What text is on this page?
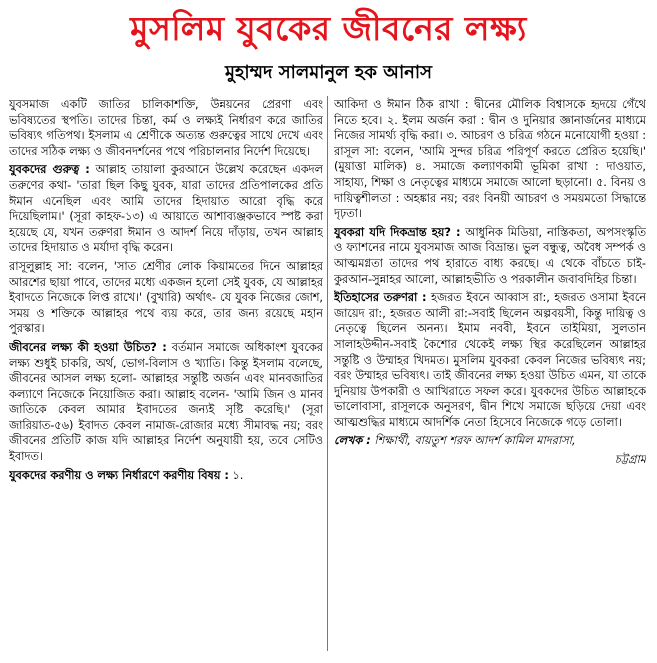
মুসলিম যুবকের জীবনের লক্ষ্য
মুহাম্মদ সালমানুল হক আনাস

যুবসমাজ একটি জাতির চালিকাশক্তি, উন্নয়নের প্রেরণা এবং ভবিষ্যতের স্থপতি। তাদের চিন্তা, কর্ম ও লক্ষ্যই নির্ধারণ করে জাতির ভবিষ্যৎ গতিপথ। ইসলাম এ শ্রেণীকে অত্যন্ত গুরুত্বের সাথে দেখে এবং তাদের সঠিক লক্ষ্য ও জীবনদর্শনের পথে পরিচালনার নির্দেশ দিয়েছে।

যুবকদের গুরুত্ব : আল্লাহ তায়ালা কুরআনে উল্লেখ করেছেন একদল তরুণের কথা- 'তারা ছিল কিছু যুবক, যারা তাদের প্রতিপালকের প্রতি ঈমান এনেছিল এবং আমি তাদের হিদায়াত আরো বৃদ্ধি করে দিয়েছিলাম।' (সূরা কাহফ-১৩) এ আয়াতে আশাব্যঞ্জকভাবে স্পষ্ট করা হয়েছে যে, যখন তরুণরা ঈমান ও আদর্শ নিয়ে দাঁড়ায়, তখন আল্লাহ তাদের হিদায়াত ও মর্যাদা বৃদ্ধি করেন।

রাসূলুল্লাহ সা: বলেন, 'সাত শ্রেণীর লোক কিয়ামতের দিনে আল্লাহর আরশের ছায়া পাবে, তাদের মধ্যে একজন হলো সেই যুবক, যে আল্লাহর ইবাদতে নিজেকে লিপ্ত রাখে।' (বুখারি) অর্থাৎ- যে যুবক নিজের জোশ, সময় ও শক্তিকে আল্লাহর পথে ব্যয় করে, তার জন্য রয়েছে মহান পুরস্কার।

জীবনের লক্ষ্য কী হওয়া উচিত? : বর্তমান সমাজে অধিকাংশ যুবকের লক্ষ্য শুধুই চাকরি, অর্থ, ভোগ-বিলাস ও খ্যাতি। কিন্তু ইসলাম বলেছে, জীবনের আসল লক্ষ্য হলো- আল্লাহর সন্তুষ্টি অর্জন এবং মানবজাতির কল্যাণে নিজেকে নিয়োজিত করা। আল্লাহ বলেন- 'আমি জিন ও মানব জাতিকে কেবল আমার ইবাদতের জন্যই সৃষ্টি করেছি।' (সূরা জারিয়াত-৫৬) ইবাদত কেবল নামাজ-রোজার মধ্যে সীমাবদ্ধ নয়; বরং জীবনের প্রতিটি কাজ যদি আল্লাহর নির্দেশ অনুযায়ী হয়, তবে সেটিও ইবাদত।

যুবকদের করণীয় ও লক্ষ্য নির্ধারণে করণীয় বিষয় : ১.

আকিদা ও ঈমান ঠিক রাখা : দ্বীনের মৌলিক বিশ্বাসকে হৃদয়ে গেঁথে নিতে হবে। ২. ইলম অর্জন করা : দ্বীন ও দুনিয়ার জ্ঞানার্জনের মাধ্যমে নিজের সামর্থ্য বৃদ্ধি করা। ৩. আচরণ ও চরিত্র গঠনে মনোযোগী হওয়া : রাসূল সা: বলেন, 'আমি সুন্দর চরিত্র পরিপূর্ণ করতে প্রেরিত হয়েছি।' (মুয়াত্তা মালিক) ৪. সমাজে কল্যাণকামী ভূমিকা রাখা : দাওয়াত, সাহায্য, শিক্ষা ও নেতৃত্বের মাধ্যমে সমাজে আলো ছড়ানো। ৫. বিনয় ও দায়িত্বশীলতা : অহঙ্কার নয়; বরং বিনয়ী আচরণ ও সময়মতো সিদ্ধান্তে দৃঢ়তা।

যুবকরা যদি দিকভ্রান্ত হয়? : আধুনিক মিডিয়া, নাস্তিকতা, অপসংস্কৃতি ও ফ্যাশনের নামে যুবসমাজ আজ বিভ্রান্ত। ভুল বন্ধুত্ব, অবৈধ সম্পর্ক ও আত্মমগ্নতা তাদের পথ হারাতে বাধ্য করছে। এ থেকে বাঁচতে চাই- কুরআন-সুন্নাহর আলো, আল্লাহভীতি ও পরকালীন জবাবদিহির চিন্তা।

ইতিহাসের তরুণরা : হজরত ইবনে আব্বাস রা:, হজরত ওসামা ইবনে জায়েদ রা:, হজরত আলী রা:-সবাই ছিলেন অল্পবয়সী, কিন্তু দায়িত্ব ও নেতৃত্বে ছিলেন অনন্য। ইমাম নববী, ইবনে তাইমিয়া, সুলতান সালাহউদ্দীন-সবাই কৈশোর থেকেই লক্ষ্য স্থির করেছিলেন আল্লাহর সন্তুষ্টি ও উম্মাহর খিদমত। মুসলিম যুবকরা কেবল নিজের ভবিষ্যৎ নয়; বরং উম্মাহর ভবিষ্যৎ। তাই জীবনের লক্ষ্য হওয়া উচিত এমন, যা তাকে দুনিয়ায় উপকারী ও আখিরাতে সফল করে। যুবকদের উচিত আল্লাহকে ভালোবাসা, রাসূলকে অনুসরণ, দ্বীন শিখে সমাজে ছড়িয়ে দেয়া এবং আত্মশুদ্ধির মাধ্যমে আদর্শিক নেতা হিসেবে নিজেকে গড়ে তোলা।

লেখক : শিক্ষার্থী, বায়তুশ শরফ আদর্শ কামিল মাদরাসা,

চট্টগ্রাম
